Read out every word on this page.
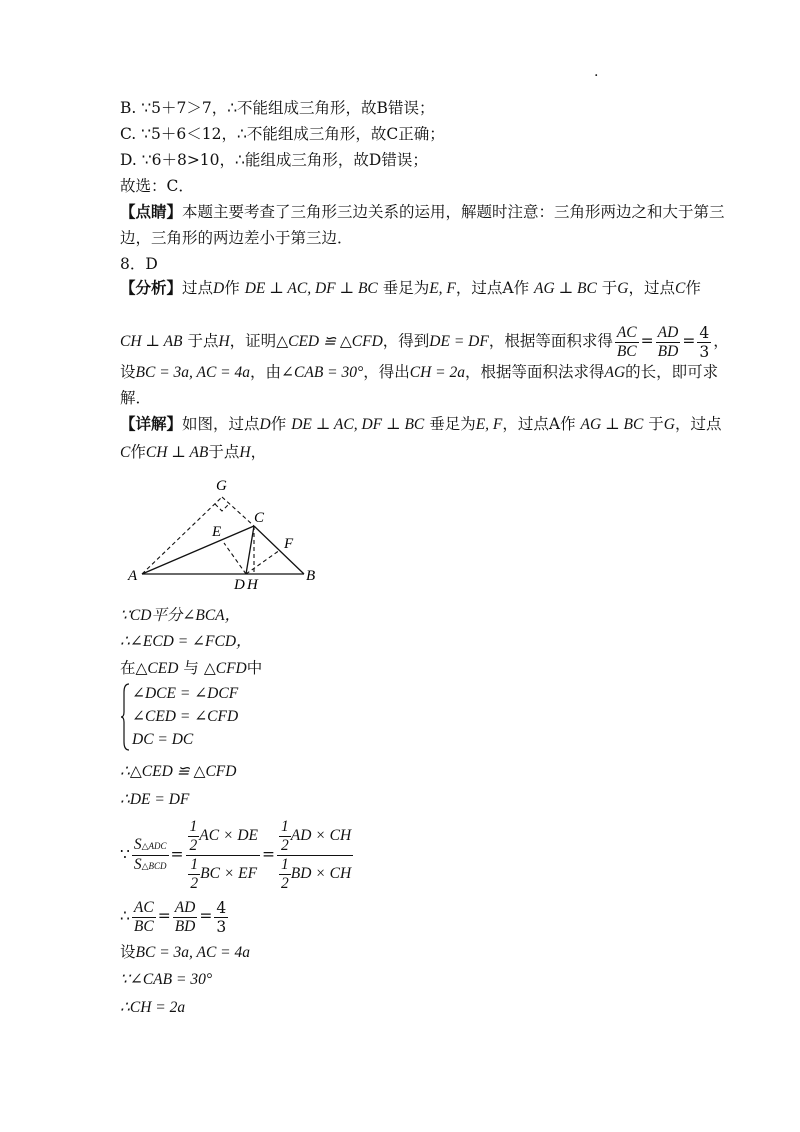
.
B. ∵5＋7＞7，∴不能组成三角形，故B错误；
C. ∵5＋6＜12，∴不能组成三角形，故C正确；
D. ∵6＋8>10，∴能组成三角形，故D错误；
故选：C．
【点睛】本题主要考查了三角形三边关系的运用，解题时注意：三角形两边之和大于第三
边，三角形的两边差小于第三边．
8．D
【分析】过点D作 DE ⊥ AC, DF ⊥ BC 垂足为E, F，过点A作 AG ⊥ BC 于G，过点C作
CH ⊥ AB 于点H，证明△CED ≌ △CFD，得到DE = DF，根据等面积求得 $\frac{AC}{BC} = \frac{AD}{BD} = \frac{4}{3}$ ，
设BC = 3a, AC = 4a，由∠CAB = 30°，得出CH = 2a，根据等面积法求得AG的长，即可求
解．
【详解】如图，过点D作 DE ⊥ AC, DF ⊥ BC 垂足为E, F，过点A作 AG ⊥ BC 于G，过点
C作CH ⊥ AB于点H，
G
C
E
F
A
D H
B
∵CD平分∠BCA，
∴∠ECD = ∠FCD，
在△CED 与 △CFD中
∠DCE = ∠DCF
∠CED = ∠CFD
DC = DC
∴△CED ≌ △CFD
∴DE = DF
∵ $\frac{\text{S△ADC}}{\text{S△BCD}} = \frac{\frac{1}{2} AC \times DE}{\frac{1}{2} BC \times EF} = \frac{\frac{1}{2} AD \times CH}{\frac{1}{2} BD \times CH}$
∴ $\frac{AC}{BC} = \frac{AD}{BD} = \frac{4}{3}$
设BC = 3a, AC = 4a
∵∠CAB = 30°
∴CH = 2a
